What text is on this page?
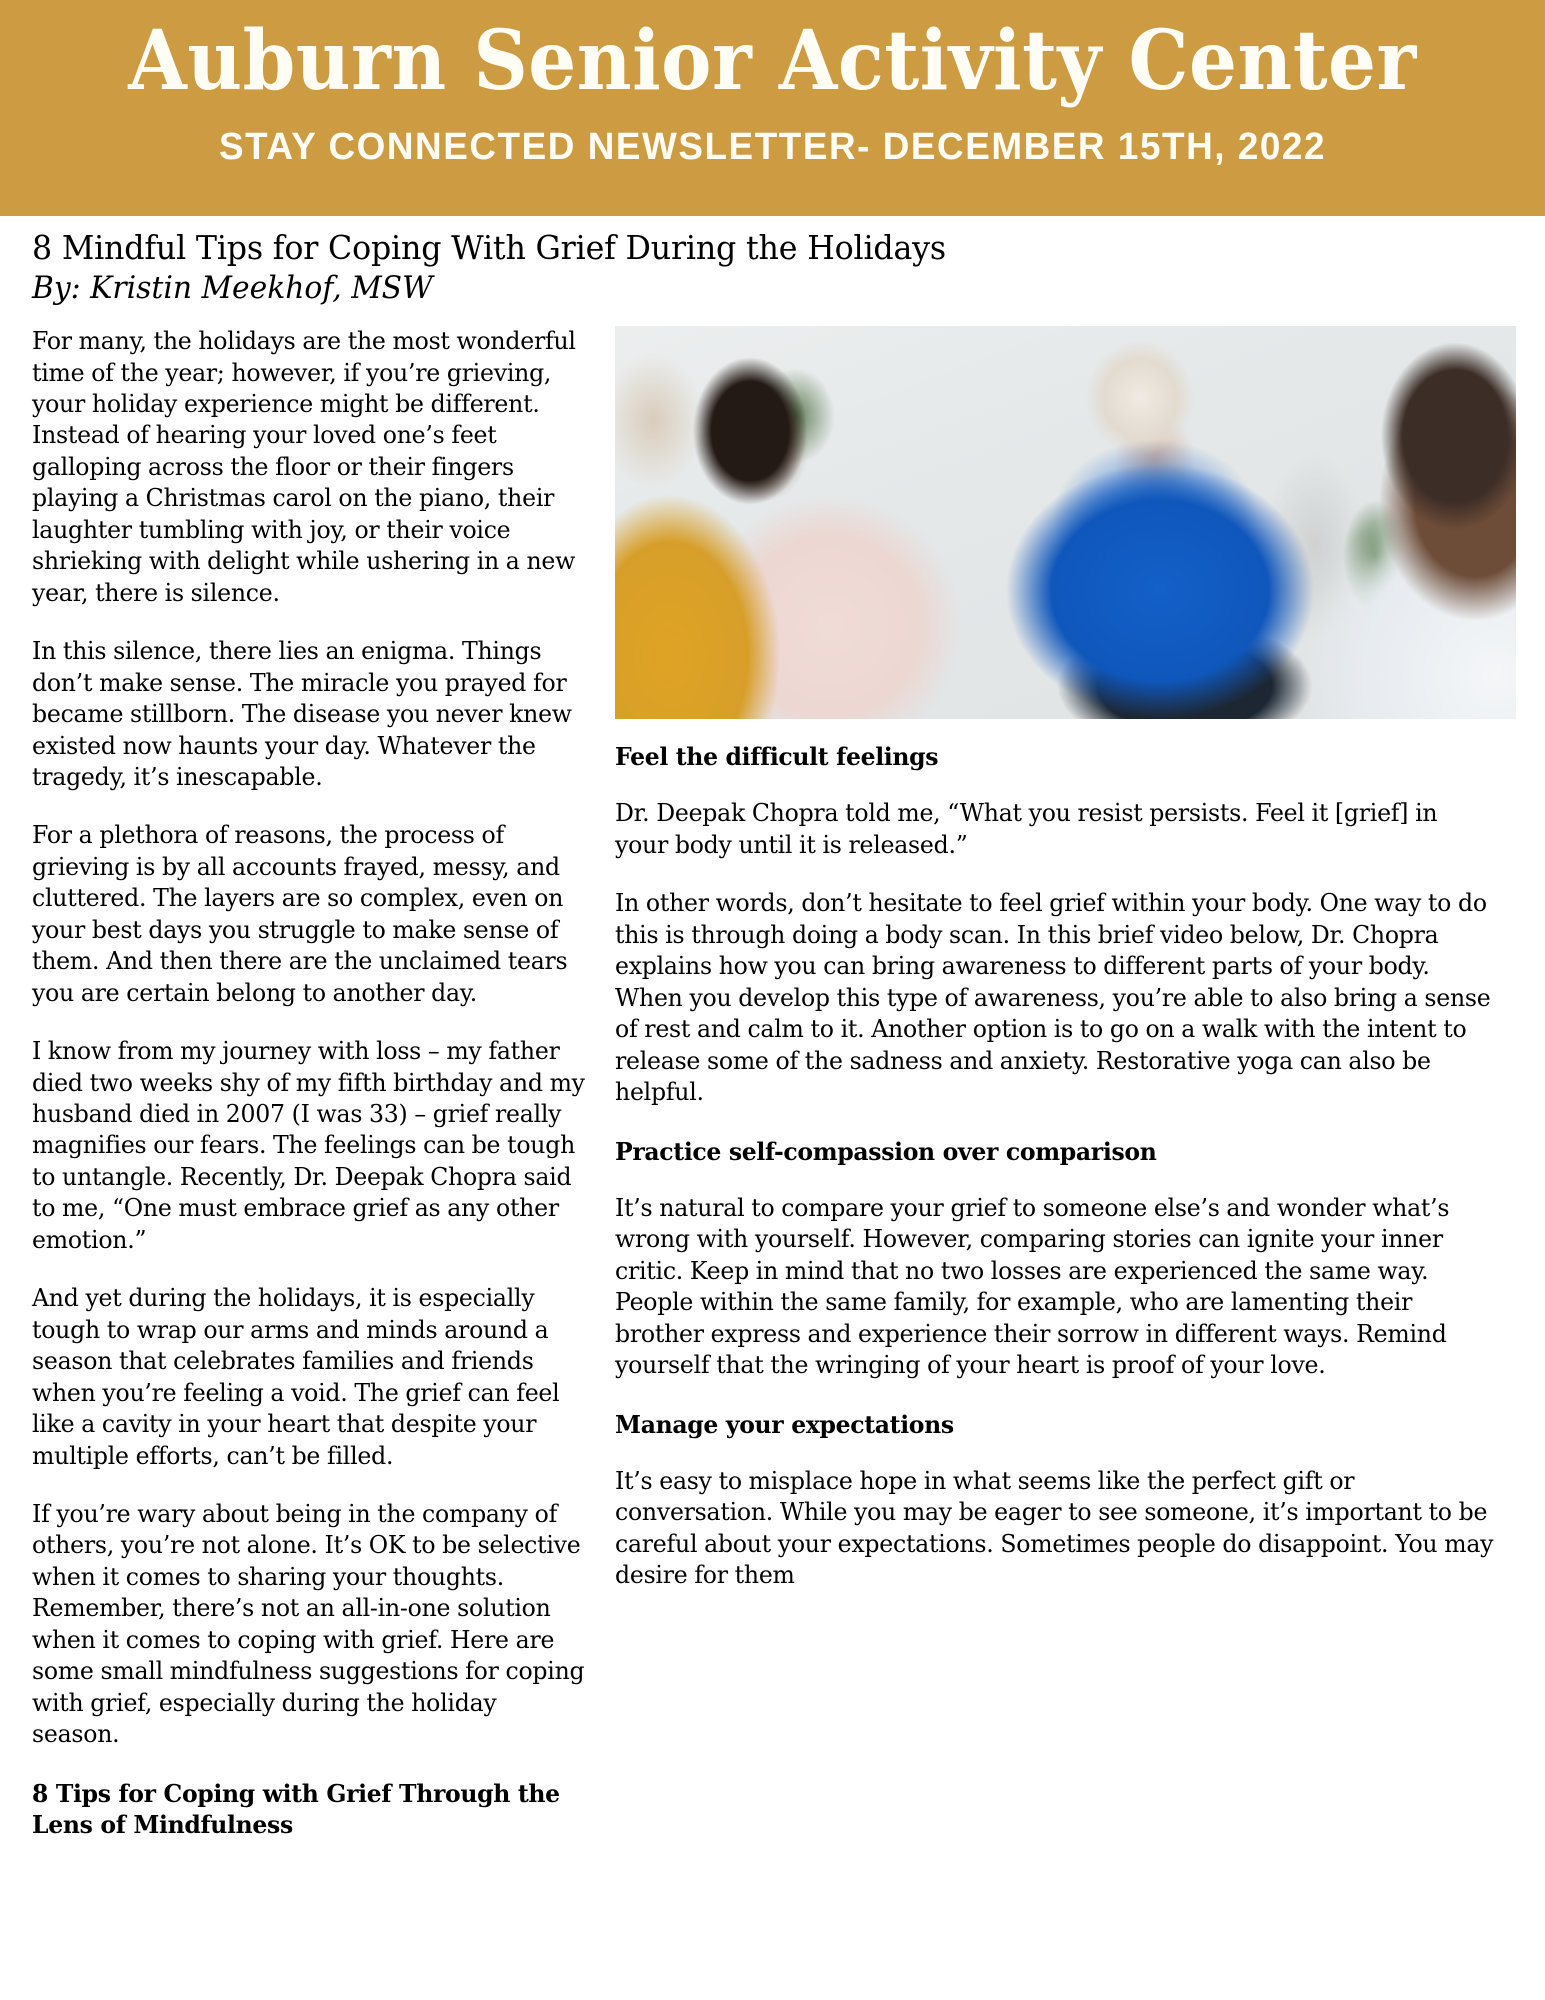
Auburn Senior Activity Center
STAY CONNECTED NEWSLETTER- DECEMBER 15TH, 2022
8 Mindful Tips for Coping With Grief During the Holidays
By: Kristin Meekhof, MSW

For many, the holidays are the most wonderful time of the year; however, if you’re grieving, your holiday experience might be different. Instead of hearing your loved one’s feet galloping across the floor or their fingers playing a Christmas carol on the piano, their laughter tumbling with joy, or their voice shrieking with delight while ushering in a new year, there is silence.

In this silence, there lies an enigma. Things don’t make sense. The miracle you prayed for became stillborn. The disease you never knew existed now haunts your day. Whatever the tragedy, it’s inescapable.

For a plethora of reasons, the process of grieving is by all accounts frayed, messy, and cluttered. The layers are so complex, even on your best days you struggle to make sense of them. And then there are the unclaimed tears you are certain belong to another day.

I know from my journey with loss – my father died two weeks shy of my fifth birthday and my husband died in 2007 (I was 33) – grief really magnifies our fears. The feelings can be tough to untangle. Recently, Dr. Deepak Chopra said to me, “One must embrace grief as any other emotion.”

And yet during the holidays, it is especially tough to wrap our arms and minds around a season that celebrates families and friends when you’re feeling a void. The grief can feel like a cavity in your heart that despite your multiple efforts, can’t be filled.

If you’re wary about being in the company of others, you’re not alone. It’s OK to be selective when it comes to sharing your thoughts. Remember, there’s not an all-in-one solution when it comes to coping with grief. Here are some small mindfulness suggestions for coping with grief, especially during the holiday season.

8 Tips for Coping with Grief Through the Lens of Mindfulness
Feel the difficult feelings

Dr. Deepak Chopra told me, “What you resist persists. Feel it [grief] in your body until it is released.”

In other words, don’t hesitate to feel grief within your body. One way to do this is through doing a body scan. In this brief video below, Dr. Chopra explains how you can bring awareness to different parts of your body. When you develop this type of awareness, you’re able to also bring a sense of rest and calm to it. Another option is to go on a walk with the intent to release some of the sadness and anxiety. Restorative yoga can also be helpful.

Practice self-compassion over comparison

It’s natural to compare your grief to someone else’s and wonder what’s wrong with yourself. However, comparing stories can ignite your inner critic. Keep in mind that no two losses are experienced the same way. People within the same family, for example, who are lamenting their brother express and experience their sorrow in different ways. Remind yourself that the wringing of your heart is proof of your love.

Manage your expectations

It’s easy to misplace hope in what seems like the perfect gift or conversation. While you may be eager to see someone, it’s important to be careful about your expectations. Sometimes people do disappoint. You may desire for them
